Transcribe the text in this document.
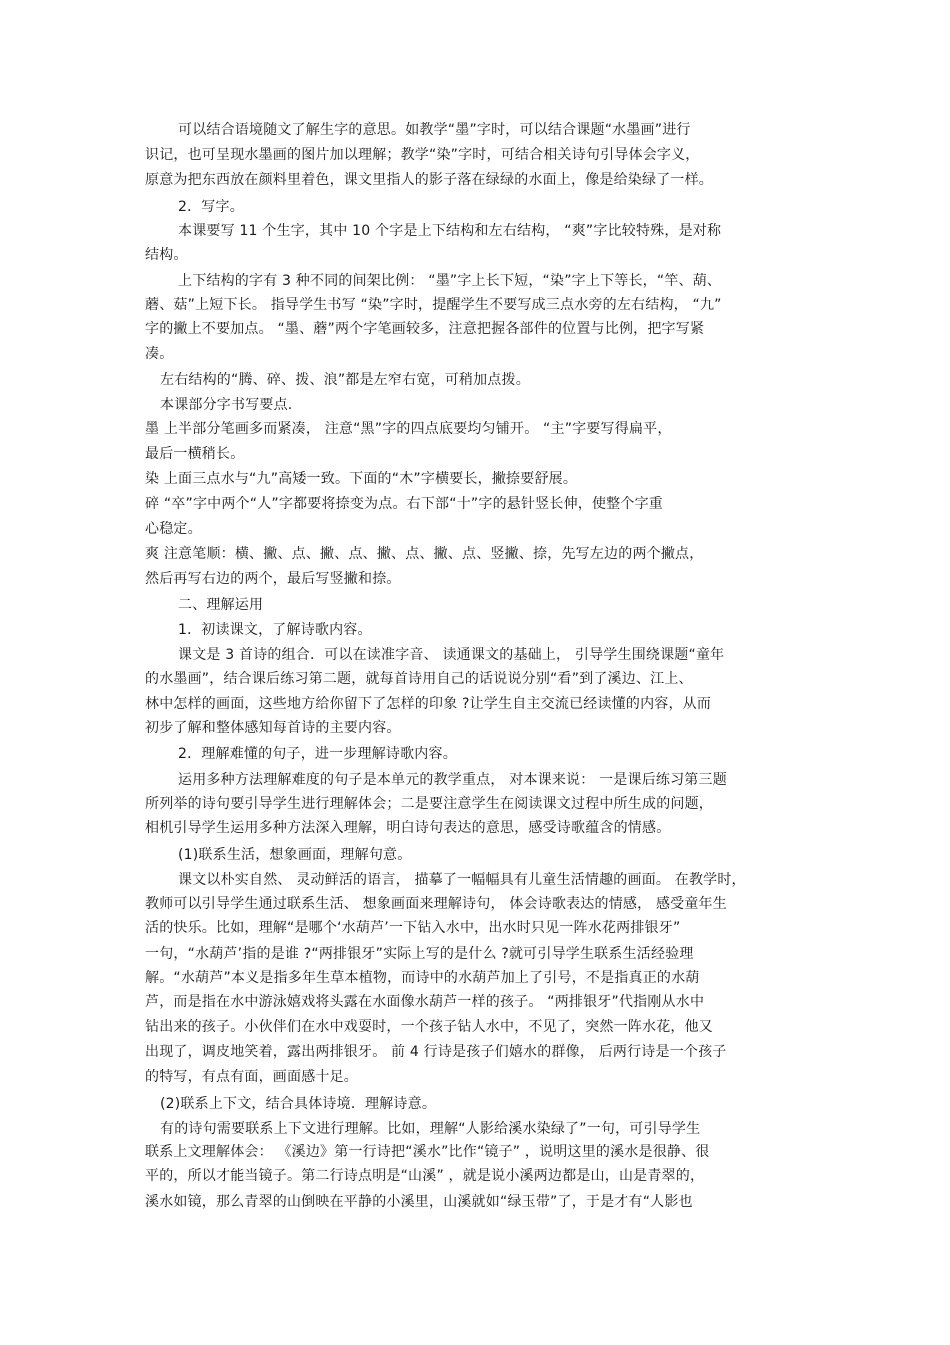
可以结合语境随文了解生字的意思。如教学“墨”字时，可以结合课题“水墨画”进行
识记，也可呈现水墨画的图片加以理解；教学“染”字时，可结合相关诗句引导体会字义，
原意为把东西放在颜料里着色，课文里指人的影子落在绿绿的水面上，像是给染绿了一样。
2．写字。
本课要写 11 个生字，其中 10 个字是上下结构和左右结构， “爽”字比较特殊，是对称
结构。
上下结构的字有 3 种不同的间架比例： “墨”字上长下短，“染”字上下等长，“竿、葫、
蘑、菇”上短下长。 指导学生书写 “染”字时，提醒学生不要写成三点水旁的左右结构， “九”
字的撇上不要加点。 “墨、蘑”两个字笔画较多，注意把握各部件的位置与比例，把字写紧
凑。
左右结构的“腾、碎、拨、浪”都是左窄右宽，可稍加点拨。
本课部分字书写要点.
墨 上半部分笔画多而紧凑， 注意“黑”字的四点底要均匀铺开。 “主”字要写得扁平，
最后一横稍长。
染 上面三点水与“九”高矮一致。下面的“木”字横要长，撇捺要舒展。
碎 “卒”字中两个“人”字都要将捺变为点。右下部“十”字的悬针竖长伸，使整个字重
心稳定。
爽 注意笔顺：横、撇、点、撇、点、撇、点、撇、点、竖撇、捺，先写左边的两个撇点，
然后再写右边的两个，最后写竖撇和捺。
二、理解运用
1．初读课文，了解诗歌内容。
课文是 3 首诗的组合．可以在读准字音、 读通课文的基础上， 引导学生围绕课题“童年
的水墨画”，结合课后练习第二题，就每首诗用自己的话说说分别“看”到了溪边、江上、
林中怎样的画面，这些地方给你留下了怎样的印象 ?让学生自主交流已经读懂的内容，从而
初步了解和整体感知每首诗的主要内容。
2．理解难懂的句子，进一步理解诗歌内容。
运用多种方法理解难度的句子是本单元的教学重点， 对本课来说： 一是课后练习第三题
所列举的诗句要引导学生进行理解体会；二是要注意学生在阅读课文过程中所生成的问题，
相机引导学生运用多种方法深入理解，明白诗句表达的意思，感受诗歌蕴含的情感。
(1)联系生活，想象画面，理解句意。
课文以朴实自然、 灵动鲜活的语言， 描摹了一幅幅具有儿童生活情趣的画面。 在教学时，
教师可以引导学生通过联系生活、 想象画面来理解诗句， 体会诗歌表达的情感， 感受童年生
活的快乐。比如，理解“是哪个‘水葫芦’一下钻入水中，出水时只见一阵水花两排银牙”
一句，“水葫芦’指的是谁 ?“两排银牙”实际上写的是什么 ?就可引导学生联系生活经验理
解。“水葫芦”本义是指多年生草本植物，而诗中的水葫芦加上了引号，不是指真正的水葫
芦，而是指在水中游泳嬉戏将头露在水面像水葫芦一样的孩子。 “两排银牙”代指刚从水中
钻出来的孩子。小伙伴们在水中戏耍时，一个孩子钻人水中，不见了，突然一阵水花，他又
出现了，调皮地笑着，露出两排银牙。 前 4 行诗是孩子们嬉水的群像， 后两行诗是一个孩子
的特写，有点有面，画面感十足。
(2)联系上下文，结合具体诗境．理解诗意。
有的诗句需要联系上下文进行理解。比如，理解“人影给溪水染绿了”一句，可引导学生
联系上文理解体会： 《溪边》第一行诗把“溪水”比作“镜子” ，说明这里的溪水是很静、很
平的，所以才能当镜子。第二行诗点明是“山溪” ，就是说小溪两边都是山，山是青翠的，
溪水如镜，那么青翠的山倒映在平静的小溪里，山溪就如“绿玉带”了，于是才有“人影也
